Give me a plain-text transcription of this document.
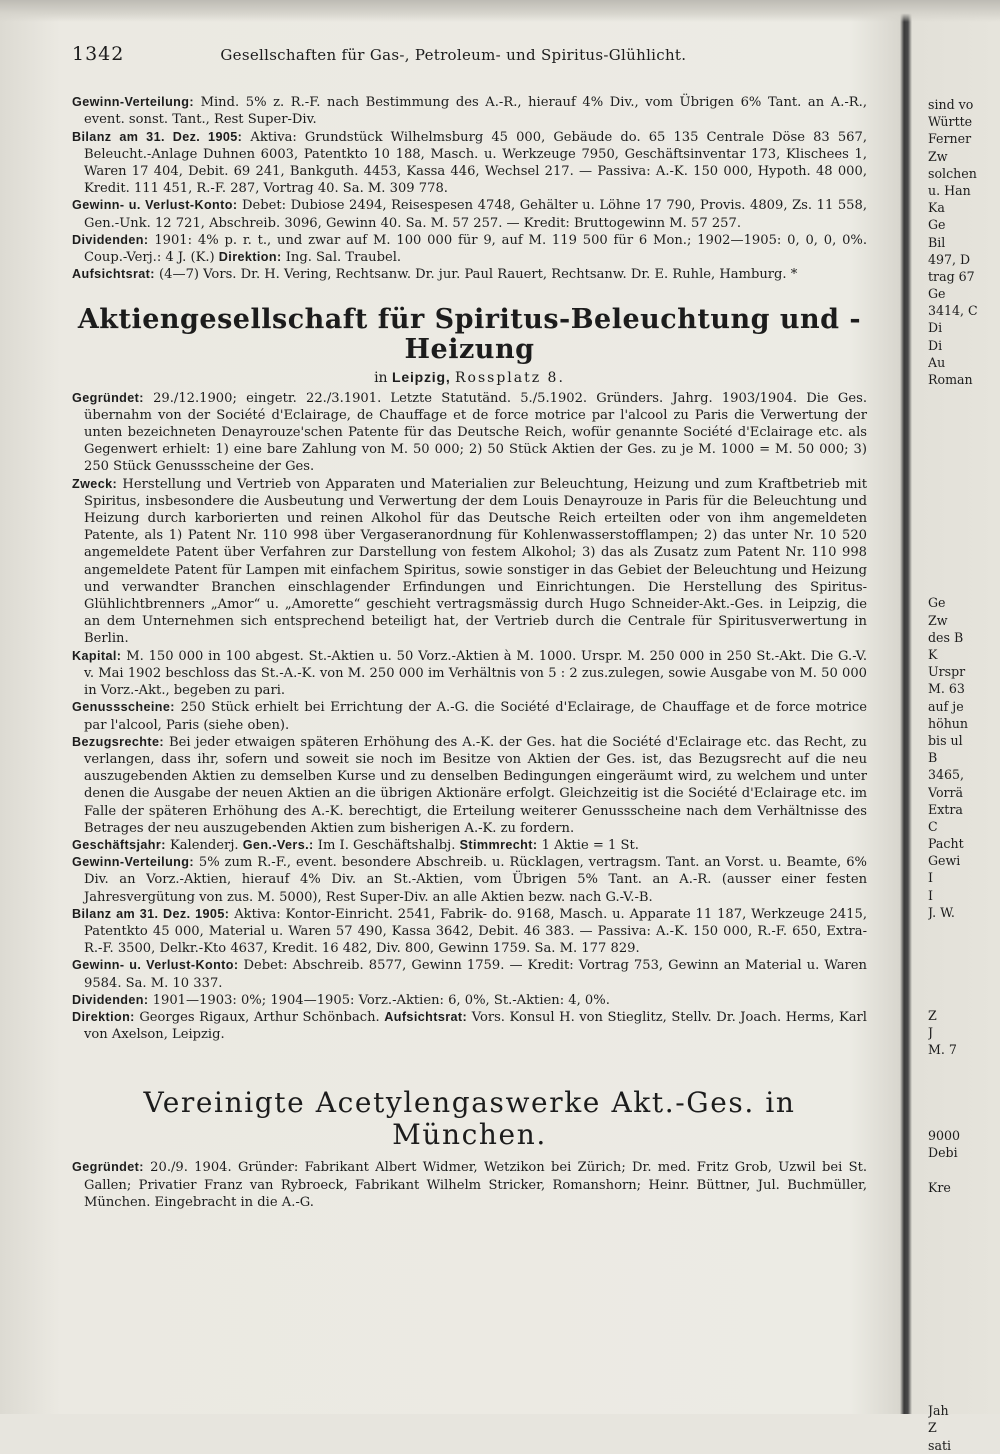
1342	Gesellschaften für Gas-, Petroleum- und Spiritus-Glühlicht.

Gewinn-Verteilung: Mind. 5% z. R.-F. nach Bestimmung des A.-R., hierauf 4% Div., vom Übrigen 6% Tant. an A.-R., event. sonst. Tant., Rest Super-Div.

Bilanz am 31. Dez. 1905: Aktiva: Grundstück Wilhelmsburg 45 000, Gebäude do. 65 135 Centrale Döse 83 567, Beleucht.-Anlage Duhnen 6003, Patentkto 10 188, Masch. u. Werkzeuge 7950, Geschäftsinventar 173, Klischees 1, Waren 17 404, Debit. 69 241, Bankguth. 4453, Kassa 446, Wechsel 217. — Passiva: A.-K. 150 000, Hypoth. 48 000, Kredit. 111 451, R.-F. 287, Vortrag 40. Sa. M. 309 778.

Gewinn- u. Verlust-Konto: Debet: Dubiose 2494, Reisespesen 4748, Gehälter u. Löhne 17 790, Provis. 4809, Zs. 11 558, Gen.-Unk. 12 721, Abschreib. 3096, Gewinn 40. Sa. M. 57 257. — Kredit: Bruttogewinn M. 57 257.

Dividenden: 1901: 4% p. r. t., und zwar auf M. 100 000 für 9, auf M. 119 500 für 6 Mon.; 1902—1905: 0, 0, 0, 0%. Coup.-Verj.: 4 J. (K.) Direktion: Ing. Sal. Traubel.

Aufsichtsrat: (4—7) Vors. Dr. H. Vering, Rechtsanw. Dr. jur. Paul Rauert, Rechtsanw. Dr. E. Ruhle, Hamburg. *

Aktiengesellschaft für Spiritus-Beleuchtung und -Heizung
in Leipzig, Rossplatz 8.

Gegründet: 29./12.1900; eingetr. 22./3.1901. Letzte Statutänd. 5./5.1902. Gründers. Jahrg. 1903/1904. Die Ges. übernahm von der Société d'Eclairage, de Chauffage et de force motrice par l'alcool zu Paris die Verwertung der unten bezeichneten Denayrouze'schen Patente für das Deutsche Reich, wofür genannte Société d'Eclairage etc. als Gegenwert erhielt: 1) eine bare Zahlung von M. 50 000; 2) 50 Stück Aktien der Ges. zu je M. 1000 = M. 50 000; 3) 250 Stück Genussscheine der Ges.

Zweck: Herstellung und Vertrieb von Apparaten und Materialien zur Beleuchtung, Heizung und zum Kraftbetrieb mit Spiritus, insbesondere die Ausbeutung und Verwertung der dem Louis Denayrouze in Paris für die Beleuchtung und Heizung durch karborierten und reinen Alkohol für das Deutsche Reich erteilten oder von ihm angemeldeten Patente, als 1) Patent Nr. 110 998 über Vergaseranordnung für Kohlenwasserstofflampen; 2) das unter Nr. 10 520 angemeldete Patent über Verfahren zur Darstellung von festem Alkohol; 3) das als Zusatz zum Patent Nr. 110 998 angemeldete Patent für Lampen mit einfachem Spiritus, sowie sonstiger in das Gebiet der Beleuchtung und Heizung und verwandter Branchen einschlagender Erfindungen und Einrichtungen. Die Herstellung des Spiritus-Glühlichtbrenners „Amor“ u. „Amorette“ geschieht vertragsmässig durch Hugo Schneider-Akt.-Ges. in Leipzig, die an dem Unternehmen sich entsprechend beteiligt hat, der Vertrieb durch die Centrale für Spiritusverwertung in Berlin.

Kapital: M. 150 000 in 100 abgest. St.-Aktien u. 50 Vorz.-Aktien à M. 1000. Urspr. M. 250 000 in 250 St.-Akt. Die G.-V. v. Mai 1902 beschloss das St.-A.-K. von M. 250 000 im Verhältnis von 5 : 2 zus.zulegen, sowie Ausgabe von M. 50 000 in Vorz.-Akt., begeben zu pari.

Genussscheine: 250 Stück erhielt bei Errichtung der A.-G. die Société d'Eclairage, de Chauffage et de force motrice par l'alcool, Paris (siehe oben).

Bezugsrechte: Bei jeder etwaigen späteren Erhöhung des A.-K. der Ges. hat die Société d'Eclairage etc. das Recht, zu verlangen, dass ihr, sofern und soweit sie noch im Besitze von Aktien der Ges. ist, das Bezugsrecht auf die neu auszugebenden Aktien zu demselben Kurse und zu denselben Bedingungen eingeräumt wird, zu welchem und unter denen die Ausgabe der neuen Aktien an die übrigen Aktionäre erfolgt. Gleichzeitig ist die Société d'Eclairage etc. im Falle der späteren Erhöhung des A.-K. berechtigt, die Erteilung weiterer Genussscheine nach dem Verhältnisse des Betrages der neu auszugebenden Aktien zum bisherigen A.-K. zu fordern.

Geschäftsjahr: Kalenderj. Gen.-Vers.: Im I. Geschäftshalbj. Stimmrecht: 1 Aktie = 1 St.

Gewinn-Verteilung: 5% zum R.-F., event. besondere Abschreib. u. Rücklagen, vertragsm. Tant. an Vorst. u. Beamte, 6% Div. an Vorz.-Aktien, hierauf 4% Div. an St.-Aktien, vom Übrigen 5% Tant. an A.-R. (ausser einer festen Jahresvergütung von zus. M. 5000), Rest Super-Div. an alle Aktien bezw. nach G.-V.-B.

Bilanz am 31. Dez. 1905: Aktiva: Kontor-Einricht. 2541, Fabrik- do. 9168, Masch. u. Apparate 11 187, Werkzeuge 2415, Patentkto 45 000, Material u. Waren 57 490, Kassa 3642, Debit. 46 383. — Passiva: A.-K. 150 000, R.-F. 650, Extra-R.-F. 3500, Delkr.-Kto 4637, Kredit. 16 482, Div. 800, Gewinn 1759. Sa. M. 177 829.

Gewinn- u. Verlust-Konto: Debet: Abschreib. 8577, Gewinn 1759. — Kredit: Vortrag 753, Gewinn an Material u. Waren 9584. Sa. M. 10 337.

Dividenden: 1901—1903: 0%; 1904—1905: Vorz.-Aktien: 6, 0%, St.-Aktien: 4, 0%.

Direktion: Georges Rigaux, Arthur Schönbach. Aufsichtsrat: Vors. Konsul H. von Stieglitz, Stellv. Dr. Joach. Herms, Karl von Axelson, Leipzig.

Vereinigte Acetylengaswerke Akt.-Ges. in München.

Gegründet: 20./9. 1904. Gründer: Fabrikant Albert Widmer, Wetzikon bei Zürich; Dr. med. Fritz Grob, Uzwil bei St. Gallen; Privatier Franz van Rybroeck, Fabrikant Wilhelm Stricker, Romanshorn; Heinr. Büttner, Jul. Buchmüller, München. Eingebracht in die A.-G.

sind vo
Württe
Ferner
Zw
solchen
u. Han
Ka
Ge
Bil
497, D
trag 67
Ge
3414, C
Di
Di
Au
Roman
Ge
Zw
des B
K
Urspr
M. 63
auf je
höhun
bis ul
B
3465,
Vorrä
Extra
C
Pacht
Gewi
I
I
J. W.
Z
J
M. 7
9000
Debi
Kre
Jah
Z
sati
